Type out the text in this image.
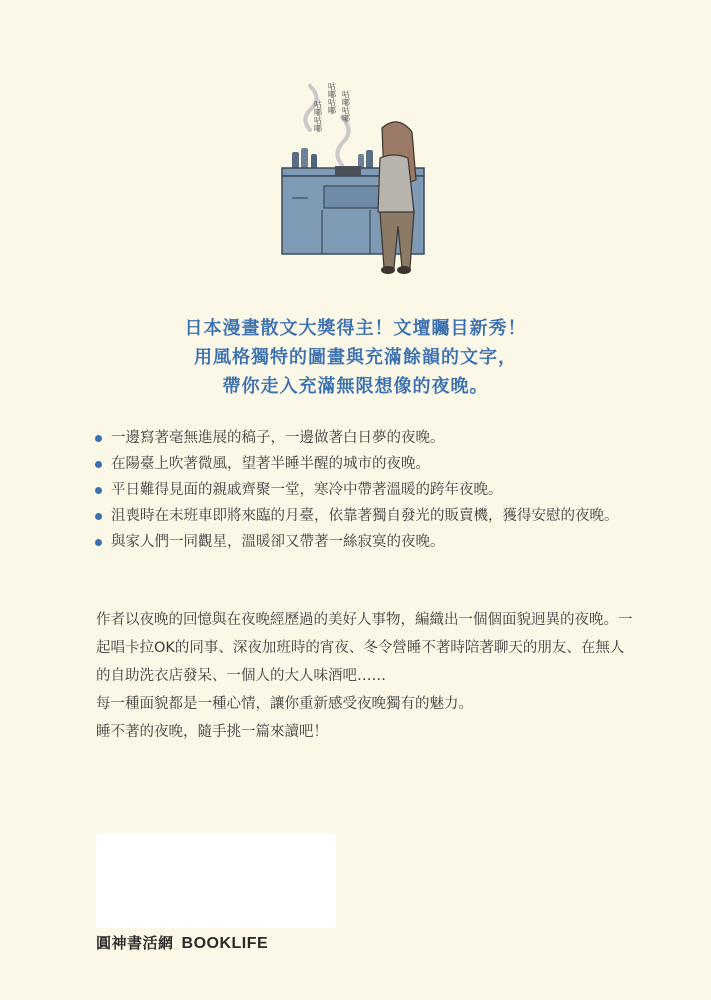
咕嘟咕嘟
咕嘟咕嘟 咕嘟咕嘟
日本漫畫散文大獎得主！文壇矚目新秀！
用風格獨特的圖畫與充滿餘韻的文字，
帶你走入充滿無限想像的夜晚。
一邊寫著毫無進展的稿子，一邊做著白日夢的夜晚。
在陽臺上吹著微風，望著半睡半醒的城市的夜晚。
平日難得見面的親戚齊聚一堂，寒冷中帶著溫暖的跨年夜晚。
沮喪時在末班車即將來臨的月臺，依靠著獨自發光的販賣機，獲得安慰的夜晚。
與家人們一同觀星，溫暖卻又帶著一絲寂寞的夜晚。

作者以夜晚的回憶與在夜晚經歷過的美好人事物，編織出一個個面貌迥異的夜晚。一起唱卡拉OK的同事、深夜加班時的宵夜、冬令營睡不著時陪著聊天的朋友、在無人的自助洗衣店發呆、一個人的大人味酒吧……

每一種面貌都是一種心情，讓你重新感受夜晚獨有的魅力。

睡不著的夜晚，隨手挑一篇來讀吧！

圓神書活網 BOOKLIFE
